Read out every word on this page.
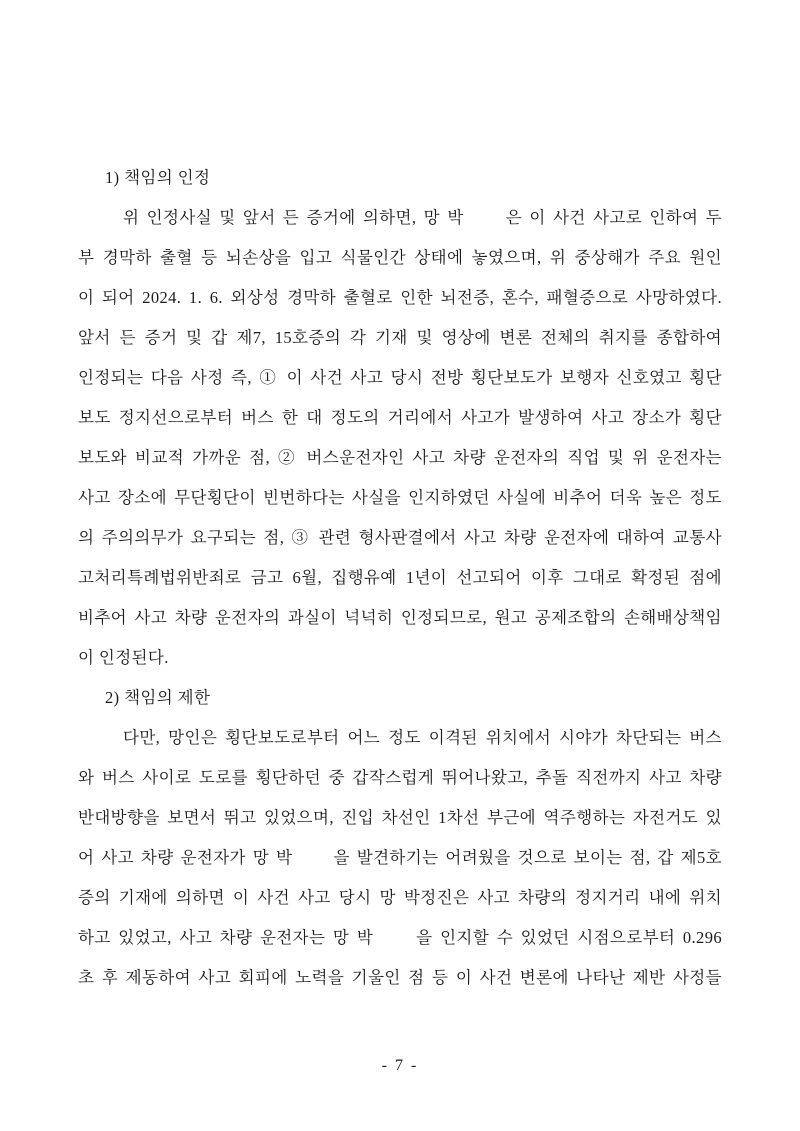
1) 책임의 인정
위 인정사실 및 앞서 든 증거에 의하면, 망 박　　은 이 사건 사고로 인하여 두
부 경막하 출혈 등 뇌손상을 입고 식물인간 상태에 놓였으며, 위 중상해가 주요 원인
이 되어 2024. 1. 6. 외상성 경막하 출혈로 인한 뇌전증, 혼수, 패혈증으로 사망하였다.
앞서 든 증거 및 갑 제7, 15호증의 각 기재 및 영상에 변론 전체의 취지를 종합하여
인정되는 다음 사정 즉, ① 이 사건 사고 당시 전방 횡단보도가 보행자 신호였고 횡단
보도 정지선으로부터 버스 한 대 정도의 거리에서 사고가 발생하여 사고 장소가 횡단
보도와 비교적 가까운 점, ② 버스운전자인 사고 차량 운전자의 직업 및 위 운전자는
사고 장소에 무단횡단이 빈번하다는 사실을 인지하였던 사실에 비추어 더욱 높은 정도
의 주의의무가 요구되는 점, ③ 관련 형사판결에서 사고 차량 운전자에 대하여 교통사
고처리특례법위반죄로 금고 6월, 집행유예 1년이 선고되어 이후 그대로 확정된 점에
비추어 사고 차량 운전자의 과실이 넉넉히 인정되므로, 원고 공제조합의 손해배상책임
이 인정된다.
2) 책임의 제한
다만, 망인은 횡단보도로부터 어느 정도 이격된 위치에서 시야가 차단되는 버스
와 버스 사이로 도로를 횡단하던 중 갑작스럽게 뛰어나왔고, 추돌 직전까지 사고 차량
반대방향을 보면서 뛰고 있었으며, 진입 차선인 1차선 부근에 역주행하는 자전거도 있
어 사고 차량 운전자가 망 박　　을 발견하기는 어려웠을 것으로 보이는 점, 갑 제5호
증의 기재에 의하면 이 사건 사고 당시 망 박정진은 사고 차량의 정지거리 내에 위치
하고 있었고, 사고 차량 운전자는 망 박　　을 인지할 수 있었던 시점으로부터 0.296
초 후 제동하여 사고 회피에 노력을 기울인 점 등 이 사건 변론에 나타난 제반 사정들
- 7 -
